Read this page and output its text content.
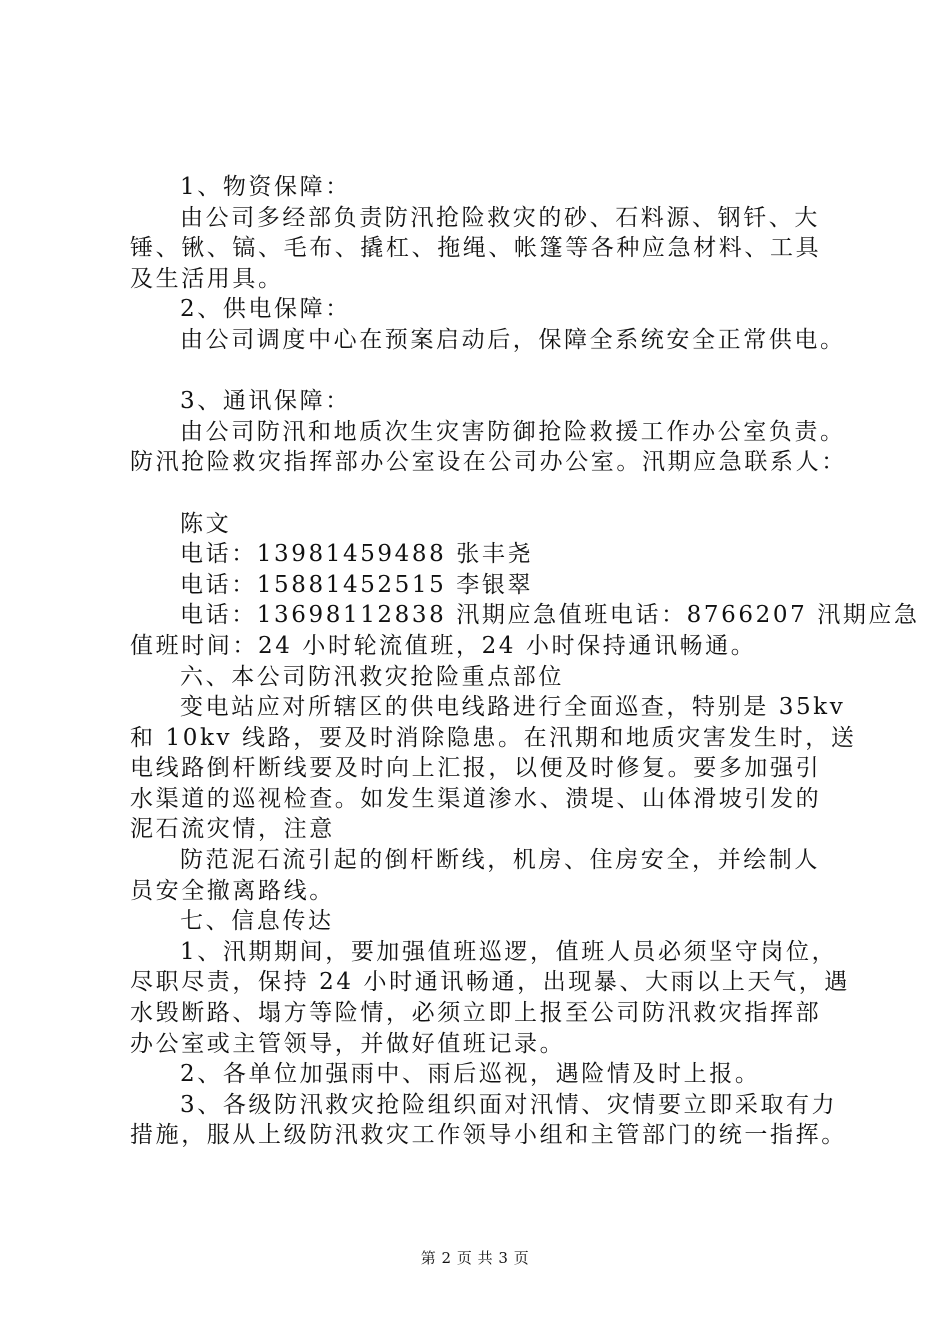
1、物资保障：
由公司多经部负责防汛抢险救灾的砂、石料源、钢钎、大
锤、锹、镐、毛布、撬杠、拖绳、帐篷等各种应急材料、工具
及生活用具。
2、供电保障：
由公司调度中心在预案启动后，保障全系统安全正常供电。
3、通讯保障：
由公司防汛和地质次生灾害防御抢险救援工作办公室负责。
防汛抢险救灾指挥部办公室设在公司办公室。汛期应急联系人：
陈文
电话：13981459488 张丰尧
电话：15881452515 李银翠
电话：13698112838 汛期应急值班电话：8766207 汛期应急
值班时间：24 小时轮流值班，24 小时保持通讯畅通。
六、本公司防汛救灾抢险重点部位
变电站应对所辖区的供电线路进行全面巡查，特别是 35kv
和 10kv 线路，要及时消除隐患。在汛期和地质灾害发生时，送
电线路倒杆断线要及时向上汇报，以便及时修复。要多加强引
水渠道的巡视检查。如发生渠道渗水、溃堤、山体滑坡引发的
泥石流灾情，注意
防范泥石流引起的倒杆断线，机房、住房安全，并绘制人
员安全撤离路线。
七、信息传达
1、汛期期间，要加强值班巡逻，值班人员必须坚守岗位，
尽职尽责，保持 24 小时通讯畅通，出现暴、大雨以上天气，遇
水毁断路、塌方等险情，必须立即上报至公司防汛救灾指挥部
办公室或主管领导，并做好值班记录。
2、各单位加强雨中、雨后巡视，遇险情及时上报。
3、各级防汛救灾抢险组织面对汛情、灾情要立即采取有力
措施，服从上级防汛救灾工作领导小组和主管部门的统一指挥。
第 2 页 共 3 页
